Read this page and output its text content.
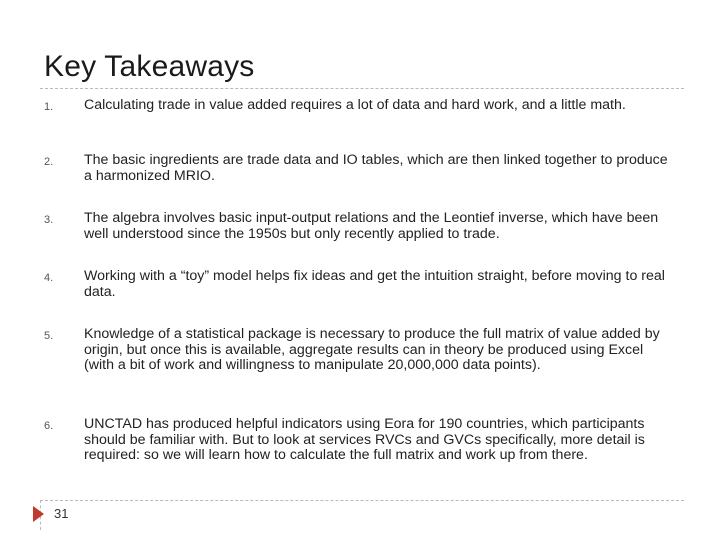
Key Takeaways
1. Calculating trade in value added requires a lot of data and hard work, and a little math.
2. The basic ingredients are trade data and IO tables, which are then linked together to produce a harmonized MRIO.
3. The algebra involves basic input-output relations and the Leontief inverse, which have been well understood since the 1950s but only recently applied to trade.
4. Working with a “toy” model helps fix ideas and get the intuition straight, before moving to real data.
5. Knowledge of a statistical package is necessary to produce the full matrix of value added by origin, but once this is available, aggregate results can in theory be produced using Excel (with a bit of work and willingness to manipulate 20,000,000 data points).
6. UNCTAD has produced helpful indicators using Eora for 190 countries, which participants should be familiar with. But to look at services RVCs and GVCs specifically, more detail is required: so we will learn how to calculate the full matrix and work up from there.
31
